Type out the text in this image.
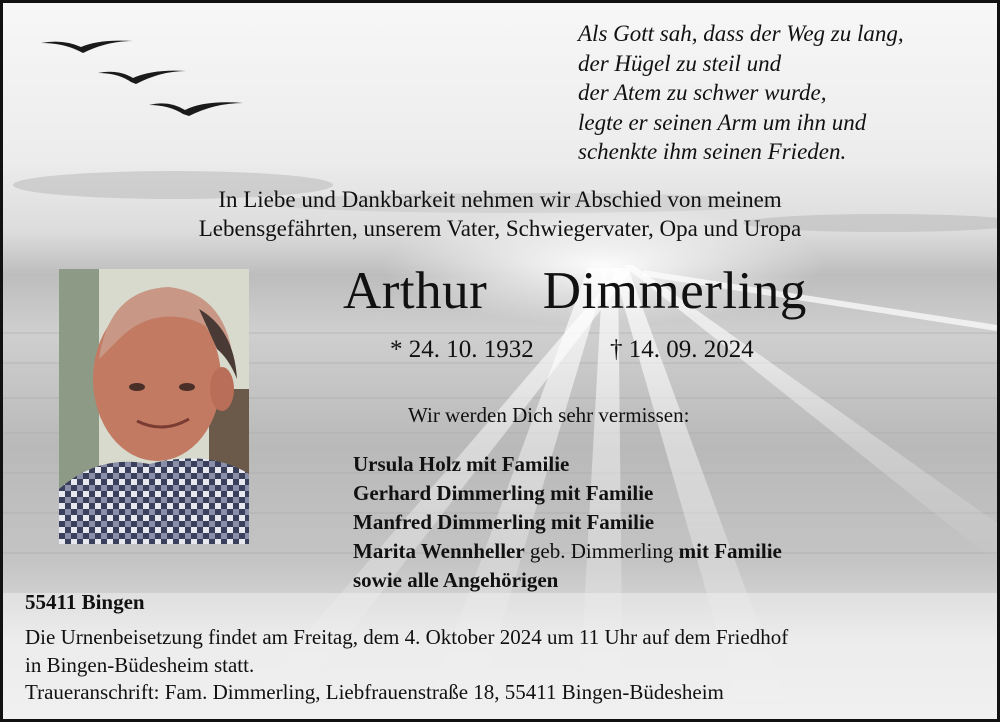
Als Gott sah, dass der Weg zu lang,
der Hügel zu steil und
der Atem zu schwer wurde,
legte er seinen Arm um ihn und
schenkte ihm seinen Frieden.
In Liebe und Dankbarkeit nehmen wir Abschied von meinem
Lebensgefährten, unserem Vater, Schwiegervater, Opa und Uropa
Arthur  Dimmerling
* 24. 10. 1932	† 14. 09. 2024
Wir werden Dich sehr vermissen:
Ursula Holz mit Familie
Gerhard Dimmerling mit Familie
Manfred Dimmerling mit Familie
Marita Wennheller geb. Dimmerling mit Familie
sowie alle Angehörigen
55411 Bingen
Die Urnenbeisetzung findet am Freitag, dem 4. Oktober 2024 um 11 Uhr auf dem Friedhof
in Bingen-Büdesheim statt.
Traueranschrift: Fam. Dimmerling, Liebfrauenstraße 18, 55411 Bingen-Büdesheim
